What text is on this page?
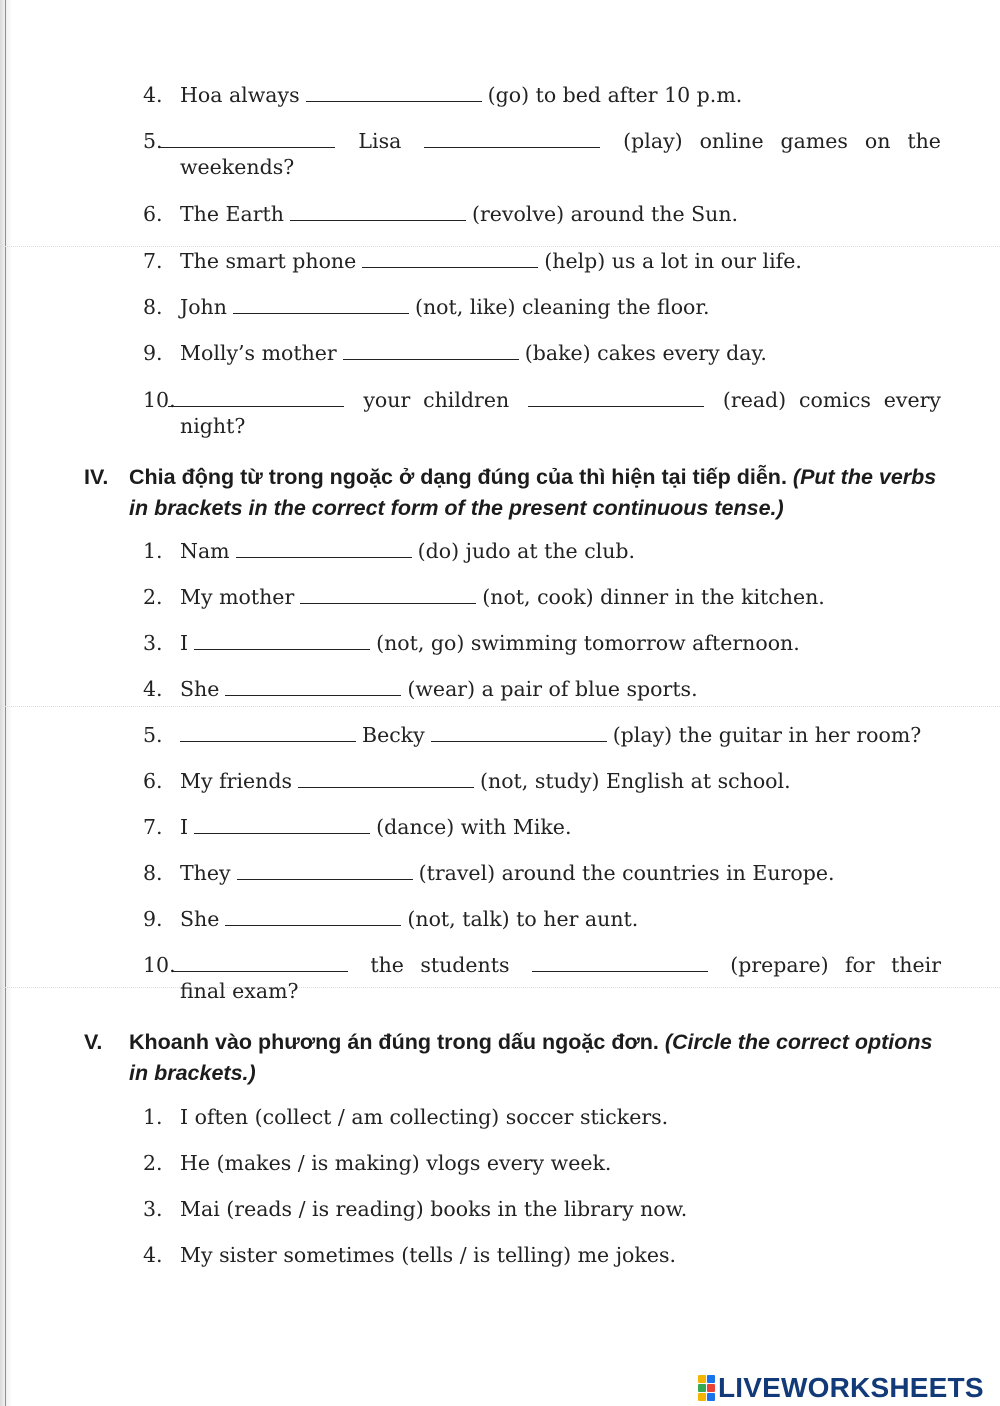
4. Hoa always	(go) to bed after 10 p.m.
5.	Lisa	(play) online games on the
weekends?
6. The Earth	(revolve) around the Sun.
7. The smart phone	(help) us a lot in our life.
8. John	(not, like) cleaning the floor.
9. Molly’s mother	(bake) cakes every day.
10.	your children	(read) comics every
night?
IV. Chia động từ trong ngoặc ở dạng đúng của thì hiện tại tiếp diễn. (Put the verbs in brackets in the correct form of the present continuous tense.)
1. Nam	(do) judo at the club.
2. My mother	(not, cook) dinner in the kitchen.
3. I	(not, go) swimming tomorrow afternoon.
4. She	(wear) a pair of blue sports.
5.	Becky	(play) the guitar in her room?
6. My friends	(not, study) English at school.
7. I	(dance) with Mike.
8. They	(travel) around the countries in Europe.
9. She	(not, talk) to her aunt.
10.	the students	(prepare) for their
final exam?
V. Khoanh vào phương án đúng trong dấu ngoặc đơn. (Circle the correct options in brackets.)
1. I often (collect / am collecting) soccer stickers.
2. He (makes / is making) vlogs every week.
3. Mai (reads / is reading) books in the library now.
4. My sister sometimes (tells / is telling) me jokes.
LIVEWORKSHEETS
